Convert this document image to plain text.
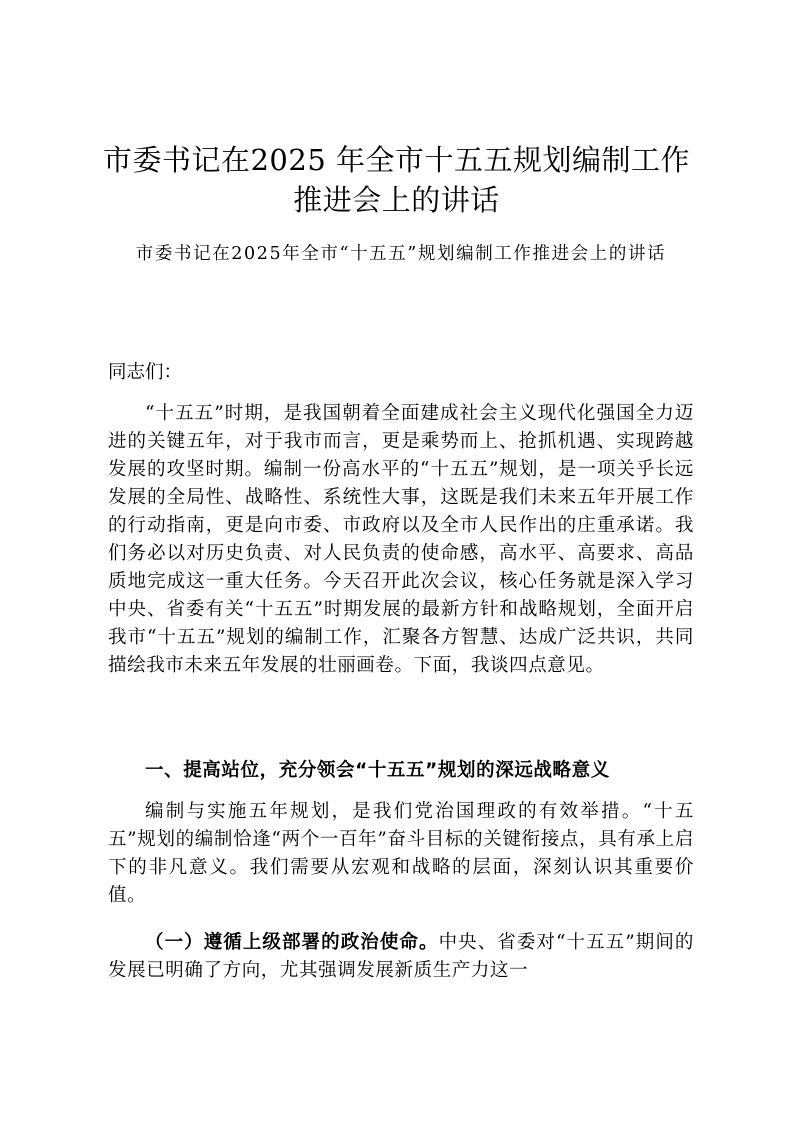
市委书记在2025 年全市十五五规划编制工作
推进会上的讲话
市委书记在2025年全市“十五五”规划编制工作推进会上的讲话
同志们：
“十五五”时期，是我国朝着全面建成社会主义现代化强国全力迈进的关键五年，对于我市而言，更是乘势而上、抢抓机遇、实现跨越发展的攻坚时期。编制一份高水平的“十五五”规划，是一项关乎长远发展的全局性、战略性、系统性大事，这既是我们未来五年开展工作的行动指南，更是向市委、市政府以及全市人民作出的庄重承诺。我们务必以对历史负责、对人民负责的使命感，高水平、高要求、高品质地完成这一重大任务。今天召开此次会议，核心任务就是深入学习中央、省委有关“十五五”时期发展的最新方针和战略规划，全面开启我市“十五五”规划的编制工作，汇聚各方智慧、达成广泛共识，共同描绘我市未来五年发展的壮丽画卷。下面，我谈四点意见。
一、提高站位，充分领会“十五五”规划的深远战略意义
编制与实施五年规划，是我们党治国理政的有效举措。“十五五”规划的编制恰逢“两个一百年”奋斗目标的关键衔接点，具有承上启下的非凡意义。我们需要从宏观和战略的层面，深刻认识其重要价值。
（一）遵循上级部署的政治使命。中央、省委对“十五五”期间的发展已明确了方向，尤其强调发展新质生产力这一
